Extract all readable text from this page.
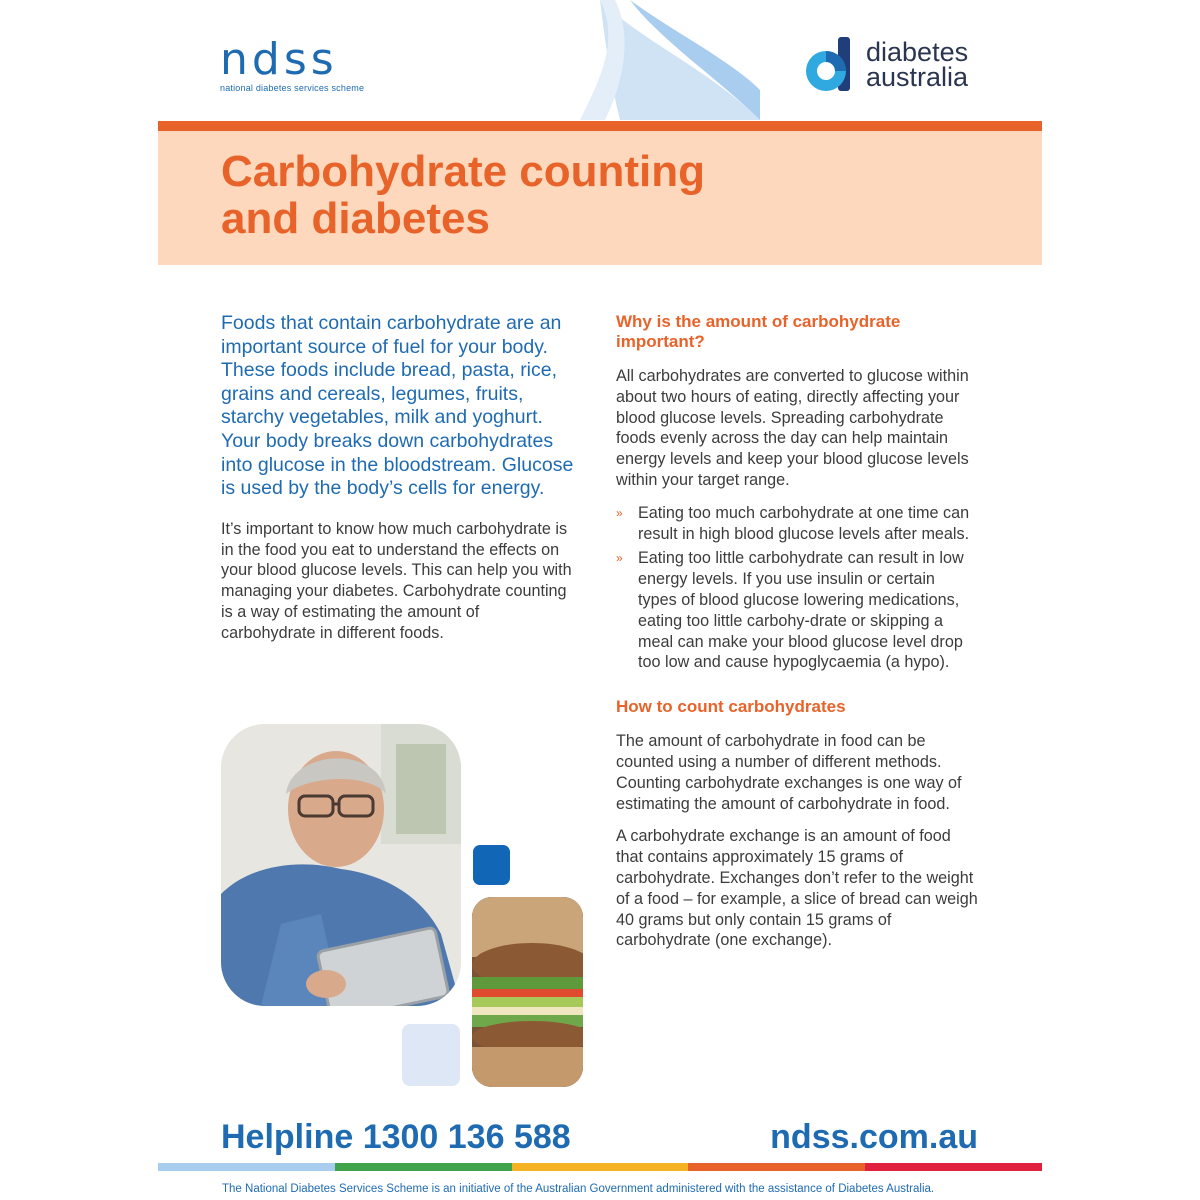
ndss
national diabetes services scheme
diabetes
australia
Carbohydrate counting
and diabetes

Foods that contain carbohydrate are an important source of fuel for your body. These foods include bread, pasta, rice, grains and cereals, legumes, fruits, starchy vegetables, milk and yoghurt. Your body breaks down carbohydrates into glucose in the bloodstream. Glucose is used by the body’s cells for energy.

It’s important to know how much carbohydrate is in the food you eat to understand the effects on your blood glucose levels. This can help you with managing your diabetes. Carbohydrate counting is a way of estimating the amount of carbohydrate in different foods.

Why is the amount of carbohydrate important?

All carbohydrates are converted to glucose within about two hours of eating, directly affecting your blood glucose levels. Spreading carbohydrate foods evenly across the day can help maintain energy levels and keep your blood glucose levels within your target range.

» Eating too much carbohydrate at one time can result in high blood glucose levels after meals.
» Eating too little carbohydrate can result in low energy levels. If you use insulin or certain types of blood glucose lowering medications, eating too little carbohy-drate or skipping a meal can make your blood glucose level drop too low and cause hypoglycaemia (a hypo).
How to count carbohydrates

The amount of carbohydrate in food can be counted using a number of different methods. Counting carbohydrate exchanges is one way of estimating the amount of carbohydrate in food.

A carbohydrate exchange is an amount of food that contains approximately 15 grams of carbohydrate. Exchanges don’t refer to the weight of a food – for example, a slice of bread can weigh 40 grams but only contain 15 grams of carbohydrate (one exchange).

Helpline 1300 136 588	ndss.com.au
The National Diabetes Services Scheme is an initiative of the Australian Government administered with the assistance of Diabetes Australia.
